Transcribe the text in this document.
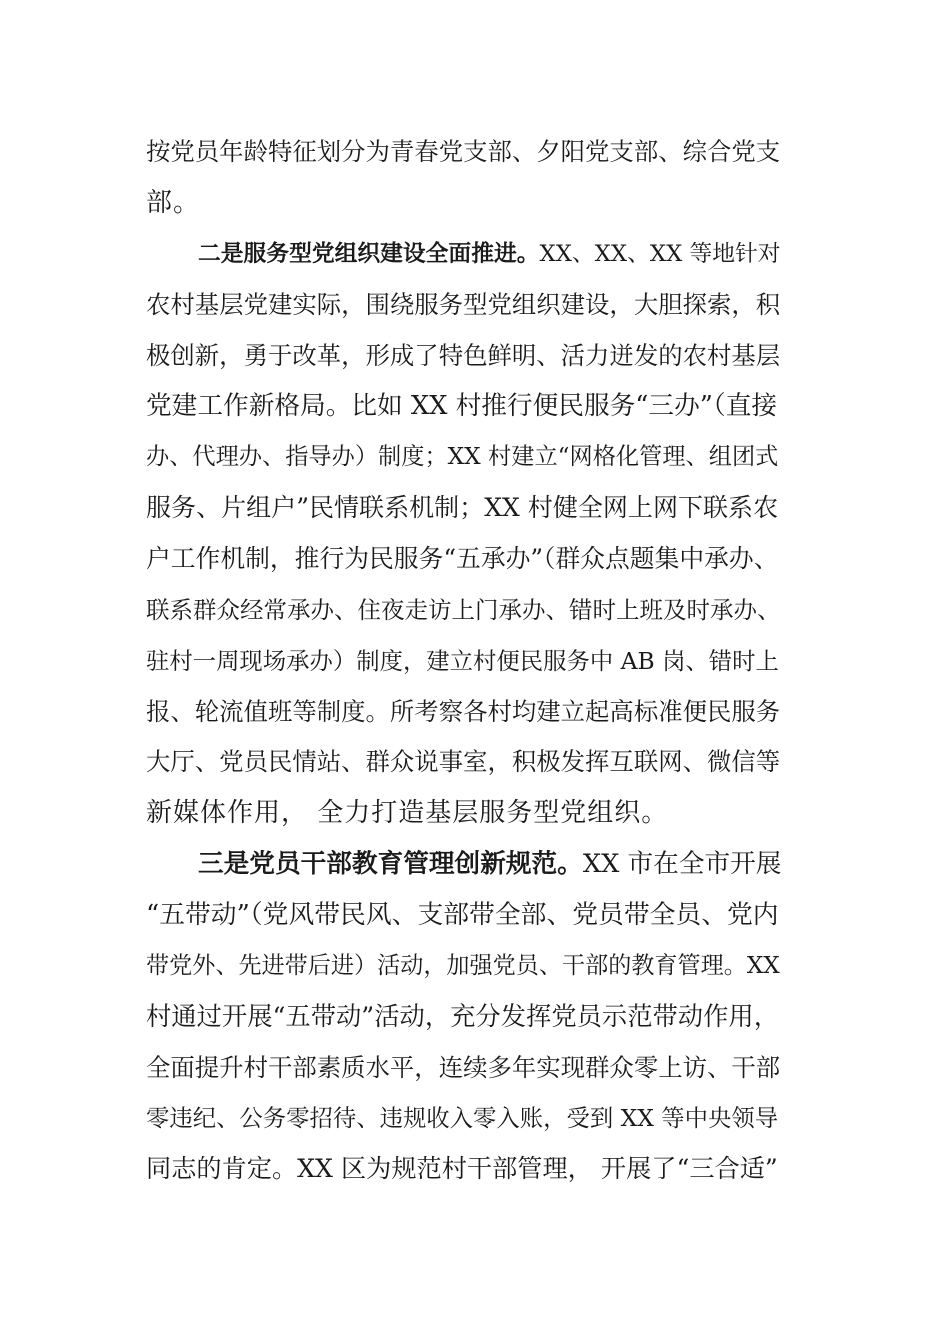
按党员年龄特征划分为青春党支部、夕阳党支部、综合党支
部。
二是服务型党组织建设全面推进。XX、XX、XX 等地针对
农村基层党建实际，围绕服务型党组织建设，大胆探索，积
极创新，勇于改革，形成了特色鲜明、活力迸发的农村基层
党建工作新格局。比如 XX 村推行便民服务“三办”（直接
办、代理办、指导办）制度；XX 村建立“网格化管理、组团式
服务、片组户”民情联系机制；XX 村健全网上网下联系农
户工作机制，推行为民服务“五承办”（群众点题集中承办、
联系群众经常承办、住夜走访上门承办、错时上班及时承办、
驻村一周现场承办）制度，建立村便民服务中 AB 岗、错时上
报、轮流值班等制度。所考察各村均建立起高标准便民服务
大厅、党员民情站、群众说事室，积极发挥互联网、微信等
新媒体作用， 全力打造基层服务型党组织。
三是党员干部教育管理创新规范。XX 市在全市开展
“五带动”（党风带民风、支部带全部、党员带全员、党内
带党外、先进带后进）活动，加强党员、干部的教育管理。XX
村通过开展“五带动”活动，充分发挥党员示范带动作用，
全面提升村干部素质水平，连续多年实现群众零上访、干部
零违纪、公务零招待、违规收入零入账，受到 XX 等中央领导
同志的肯定。XX 区为规范村干部管理， 开展了“三合适”
